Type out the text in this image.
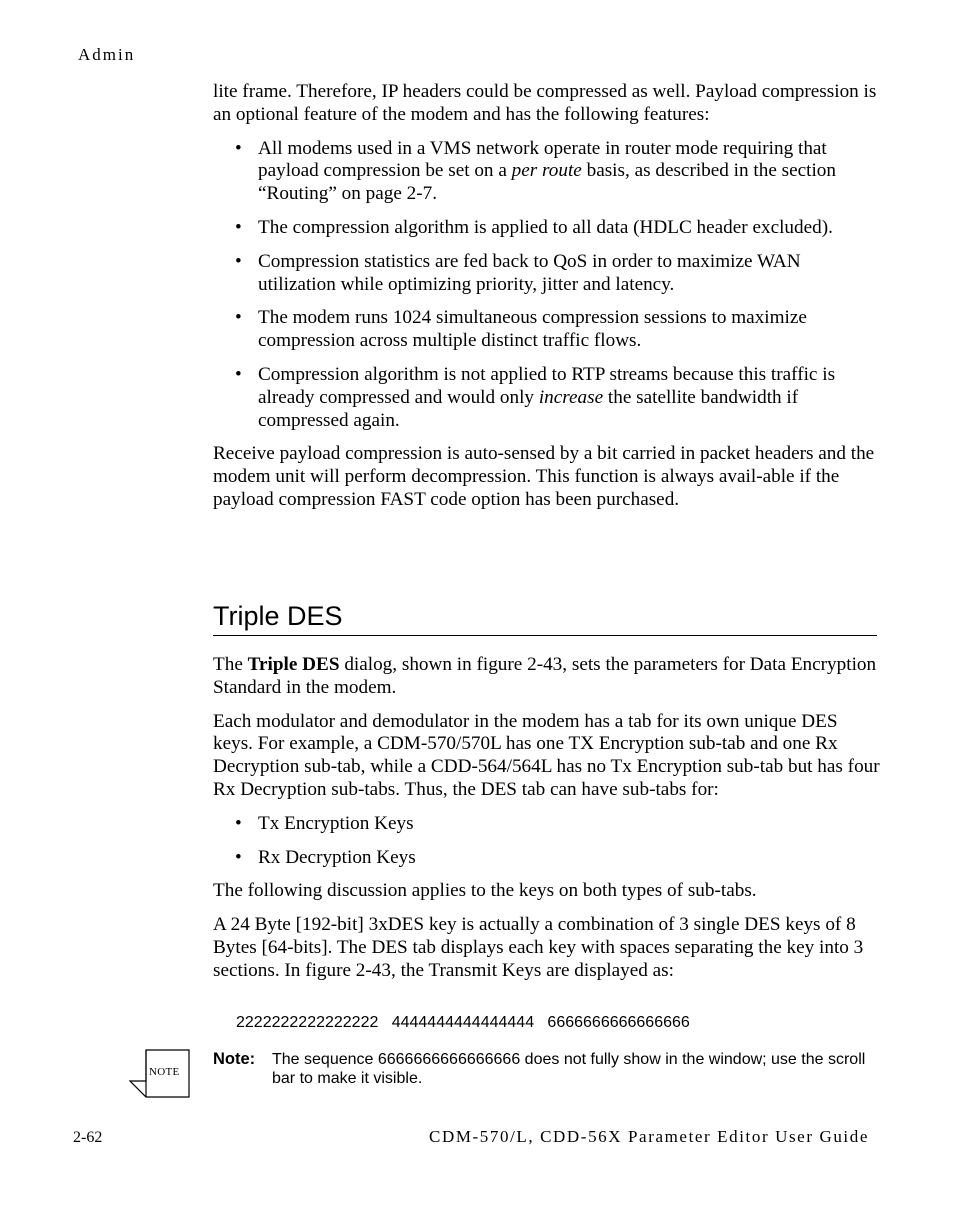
Admin

lite frame. Therefore, IP headers could be compressed as well. Payload compression is an optional feature of the modem and has the following features:

• All modems used in a VMS network operate in router mode requiring that payload compression be set on a per route basis, as described in the section “Routing” on page 2-7.
• The compression algorithm is applied to all data (HDLC header excluded).
• Compression statistics are fed back to QoS in order to maximize WAN utilization while optimizing priority, jitter and latency.
• The modem runs 1024 simultaneous compression sessions to maximize compression across multiple distinct traffic flows.
• Compression algorithm is not applied to RTP streams because this traffic is already compressed and would only increase the satellite bandwidth if compressed again.

Receive payload compression is auto-sensed by a bit carried in packet headers and the modem unit will perform decompression. This function is always avail-able if the payload compression FAST code option has been purchased.

Triple DES

The Triple DES dialog, shown in figure 2-43, sets the parameters for Data Encryption Standard in the modem.

Each modulator and demodulator in the modem has a tab for its own unique DES keys. For example, a CDM-570/570L has one TX Encryption sub-tab and one Rx Decryption sub-tab, while a CDD-564/564L has no Tx Encryption sub-tab but has four Rx Decryption sub-tabs. Thus, the DES tab can have sub-tabs for:

• Tx Encryption Keys
• Rx Decryption Keys

The following discussion applies to the keys on both types of sub-tabs.

A 24 Byte [192-bit] 3xDES key is actually a combination of 3 single DES keys of 8 Bytes [64-bits]. The DES tab displays each key with spaces separating the key into 3 sections. In figure 2-43, the Transmit Keys are displayed as:

2222222222222222   4444444444444444   6666666666666666
NOTE
Note: The sequence 6666666666666666 does not fully show in the window; use the scroll bar to make it visible.
2-62	CDM-570/L, CDD-56X Parameter Editor User Guide
